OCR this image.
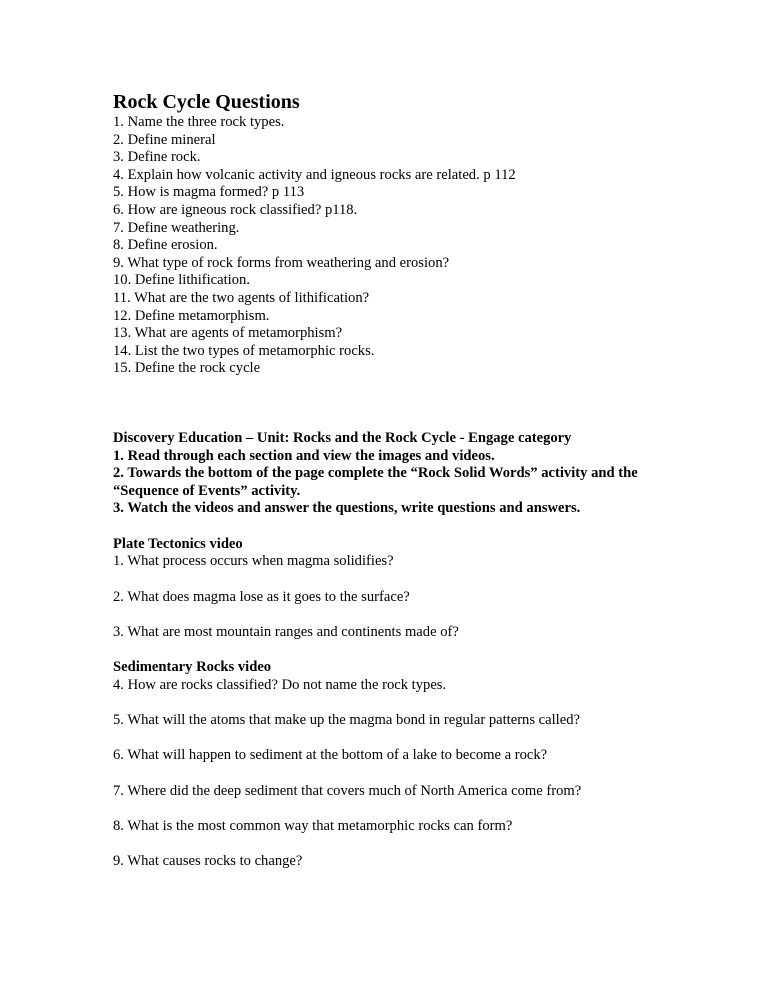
Rock Cycle Questions
1. Name the three rock types.
2. Define mineral
3. Define rock.
4. Explain how volcanic activity and igneous rocks are related. p 112
5. How is magma formed? p 113
6. How are igneous rock classified? p118.
7. Define weathering.
8. Define erosion.
9. What type of rock forms from weathering and erosion?
10. Define lithification.
11. What are the two agents of lithification?
12. Define metamorphism.
13. What are agents of metamorphism?
14. List the two types of metamorphic rocks.
15. Define the rock cycle
Discovery Education – Unit: Rocks and the Rock Cycle - Engage category
1. Read through each section and view the images and videos.
2. Towards the bottom of the page complete the “Rock Solid Words” activity and the “Sequence of Events” activity.
3. Watch the videos and answer the questions, write questions and answers.
Plate Tectonics video
1. What process occurs when magma solidifies?
2. What does magma lose as it goes to the surface?
3. What are most mountain ranges and continents made of?
Sedimentary Rocks video
4. How are rocks classified? Do not name the rock types.
5. What will the atoms that make up the magma bond in regular patterns called?
6. What will happen to sediment at the bottom of a lake to become a rock?
7. Where did the deep sediment that covers much of North America come from?
8. What is the most common way that metamorphic rocks can form?
9. What causes rocks to change?
